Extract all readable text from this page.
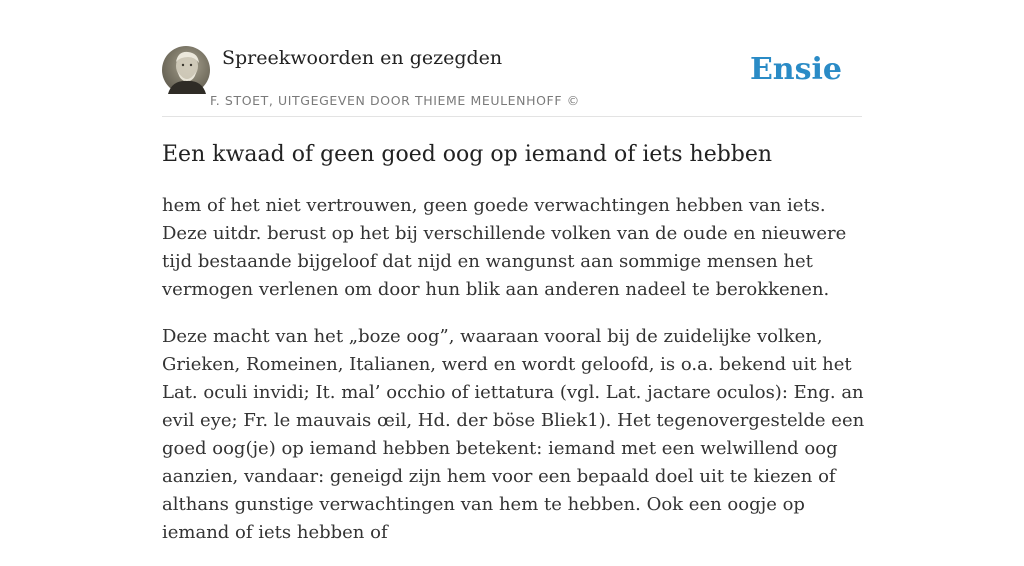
Spreekwoorden en gezegden
F. STOET, UITGEGEVEN DOOR THIEME MEULENHOFF ©
Ensie
Een kwaad of geen goed oog op iemand of iets hebben

hem of het niet vertrouwen, geen goede verwachtingen hebben van iets. Deze uitdr. berust op het bij verschillende volken van de oude en nieuwere tijd bestaande bijgeloof dat nijd en wangunst aan sommige mensen het vermogen verlenen om door hun blik aan anderen nadeel te berokkenen.

Deze macht van het „boze oog”, waaraan vooral bij de zuidelijke volken, Grieken, Romeinen, Italianen, werd en wordt geloofd, is o.a. bekend uit het Lat. oculi invidi; It. mal’ occhio of iettatura (vgl. Lat. jactare oculos): Eng. an evil eye; Fr. le mauvais œil, Hd. der böse Bliek1). Het tegenovergestelde een goed oog(je) op iemand hebben betekent: iemand met een welwillend oog aanzien, vandaar: geneigd zijn hem voor een bepaald doel uit te kiezen of althans gunstige verwachtingen van hem te hebben. Ook een oogje op iemand of iets hebben of
